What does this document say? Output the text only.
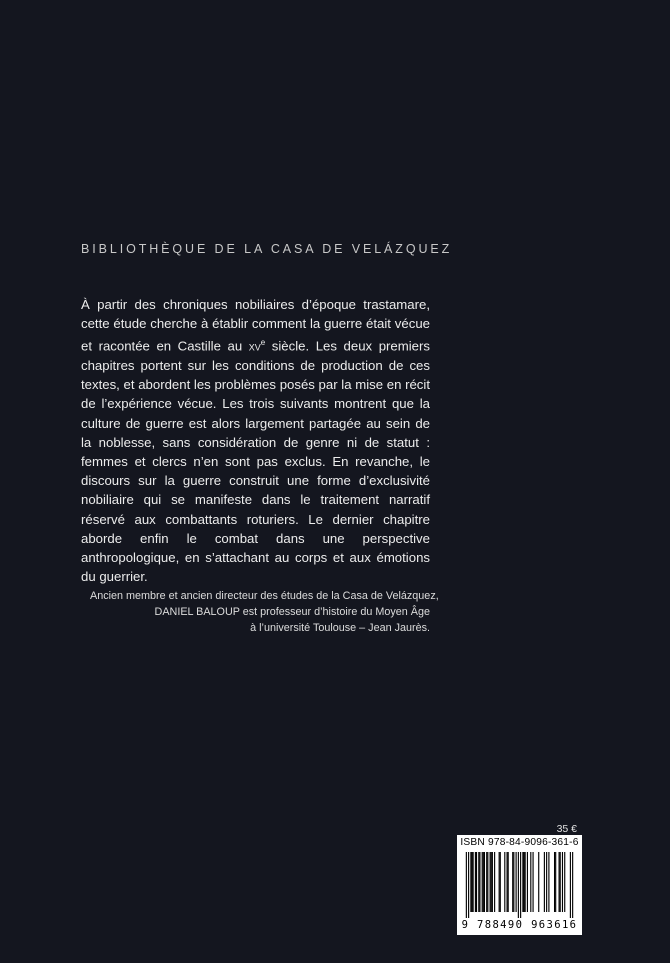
BIBLIOTHÈQUE DE LA CASA DE VELÁZQUEZ

À partir des chroniques nobiliaires d’époque trastamare, cette étude cherche à établir comment la guerre était vécue et racontée en Castille au $xv^e$ siècle. Les deux premiers chapitres portent sur les conditions de production de ces textes, et abordent les problèmes posés par la mise en récit de l’expérience vécue. Les trois suivants montrent que la culture de guerre est alors largement partagée au sein de la noblesse, sans considération de genre ni de statut : femmes et clercs n’en sont pas exclus. En revanche, le discours sur la guerre construit une forme d’exclusivité nobiliaire qui se manifeste dans le traitement narratif réservé aux combattants roturiers. Le dernier chapitre aborde enfin le combat dans une perspective anthropologique, en s’attachant au corps et aux émotions du guerrier.

Ancien membre et ancien directeur des études de la Casa de Velázquez,
DANIEL BALOUP est professeur d’histoire du Moyen Âge
à l’université Toulouse – Jean Jaurès.
35 €
ISBN 978-84-9096-361-6
9 788490 963616
